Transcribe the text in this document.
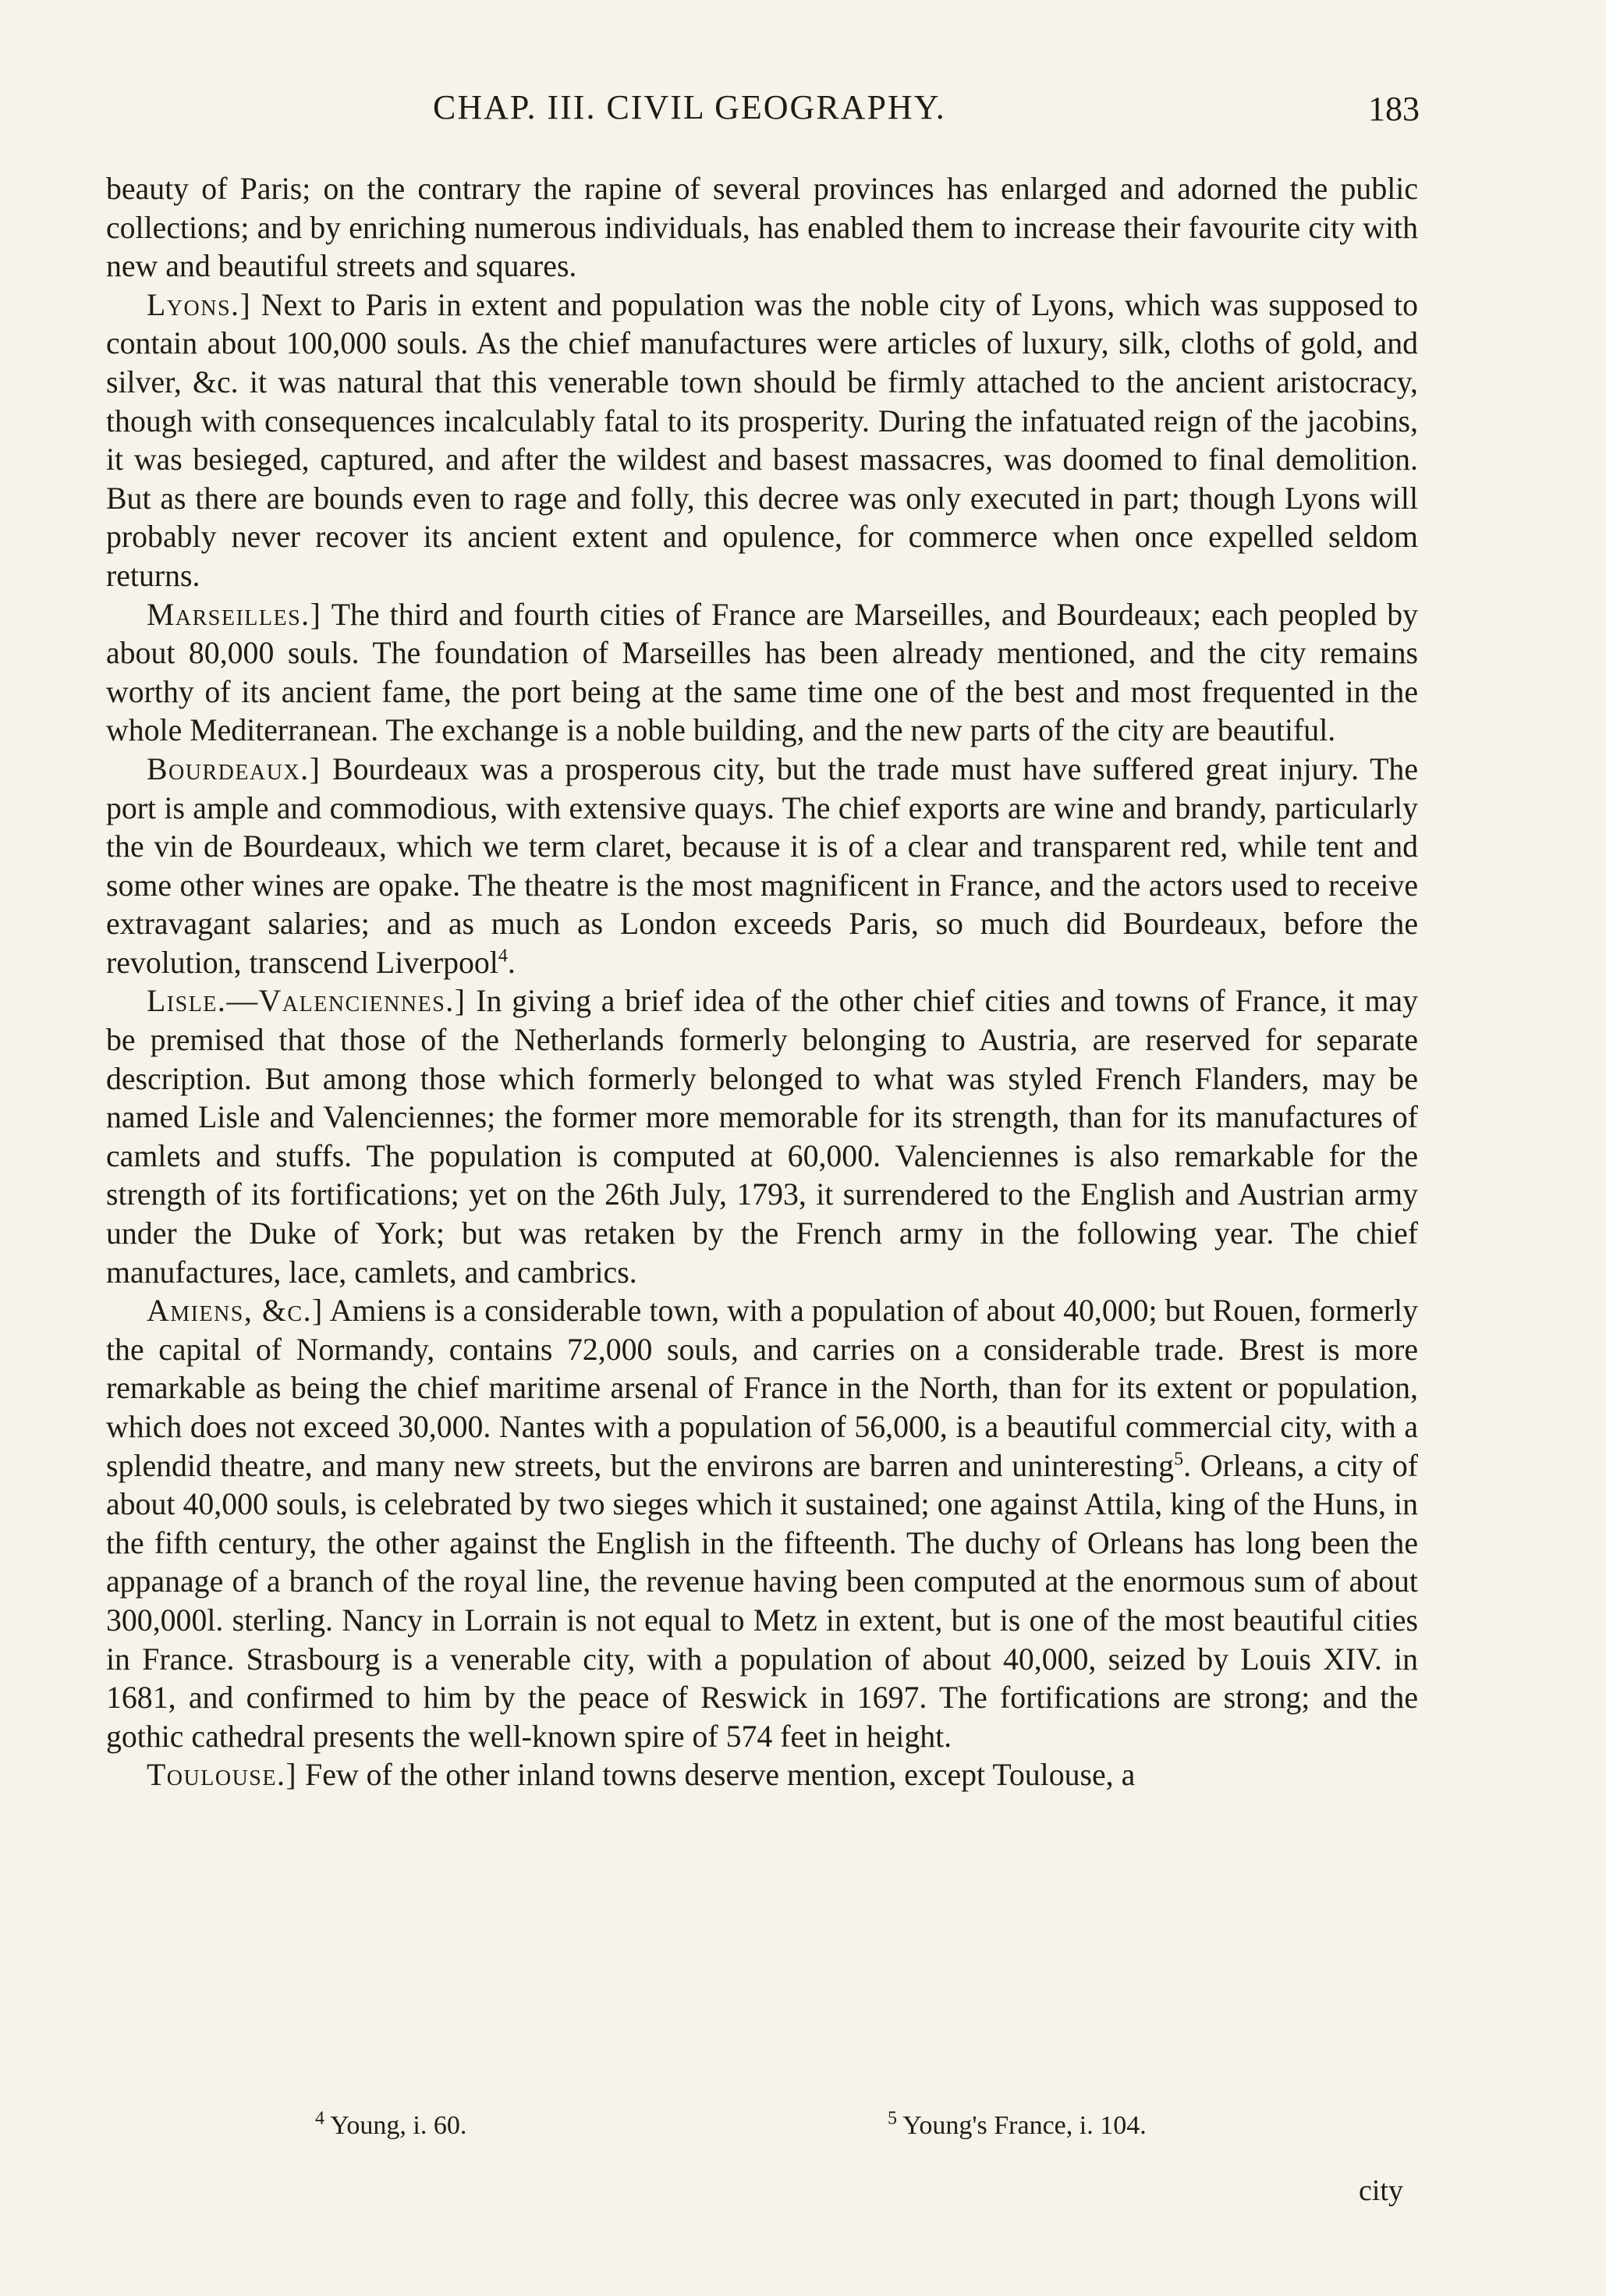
CHAP. III. CIVIL GEOGRAPHY.	183

beauty of Paris; on the contrary the rapine of several provinces has enlarged and adorned the public collections; and by enriching numerous individuals, has enabled them to increase their favourite city with new and beautiful streets and squares.

Lyons.] Next to Paris in extent and population was the noble city of Lyons, which was supposed to contain about 100,000 souls. As the chief manufactures were articles of luxury, silk, cloths of gold, and silver, &c. it was natural that this venerable town should be firmly attached to the ancient aristocracy, though with consequences incalculably fatal to its prosperity. During the infatuated reign of the jacobins, it was besieged, captured, and after the wildest and basest massacres, was doomed to final demolition. But as there are bounds even to rage and folly, this decree was only executed in part; though Lyons will probably never recover its ancient extent and opulence, for commerce when once expelled seldom returns.

Marseilles.] The third and fourth cities of France are Marseilles, and Bourdeaux; each peopled by about 80,000 souls. The foundation of Marseilles has been already mentioned, and the city remains worthy of its ancient fame, the port being at the same time one of the best and most frequented in the whole Mediterranean. The exchange is a noble building, and the new parts of the city are beautiful.

Bourdeaux.] Bourdeaux was a prosperous city, but the trade must have suffered great injury. The port is ample and commodious, with extensive quays. The chief exports are wine and brandy, particularly the vin de Bourdeaux, which we term claret, because it is of a clear and transparent red, while tent and some other wines are opake. The theatre is the most magnificent in France, and the actors used to receive extravagant salaries; and as much as London exceeds Paris, so much did Bourdeaux, before the revolution, transcend Liverpool$^4$.

Lisle.—Valenciennes.] In giving a brief idea of the other chief cities and towns of France, it may be premised that those of the Netherlands formerly belonging to Austria, are reserved for separate description. But among those which formerly belonged to what was styled French Flanders, may be named Lisle and Valenciennes; the former more memorable for its strength, than for its manufactures of camlets and stuffs. The population is computed at 60,000. Valenciennes is also remarkable for the strength of its fortifications; yet on the 26th July, 1793, it surrendered to the English and Austrian army under the Duke of York; but was retaken by the French army in the following year. The chief manufactures, lace, camlets, and cambrics.

Amiens, &c.] Amiens is a considerable town, with a population of about 40,000; but Rouen, formerly the capital of Normandy, contains 72,000 souls, and carries on a considerable trade. Brest is more remarkable as being the chief maritime arsenal of France in the North, than for its extent or population, which does not exceed 30,000. Nantes with a population of 56,000, is a beautiful commercial city, with a splendid theatre, and many new streets, but the environs are barren and uninteresting$^5$. Orleans, a city of about 40,000 souls, is celebrated by two sieges which it sustained; one against Attila, king of the Huns, in the fifth century, the other against the English in the fifteenth. The duchy of Orleans has long been the appanage of a branch of the royal line, the revenue having been computed at the enormous sum of about 300,000l. sterling. Nancy in Lorrain is not equal to Metz in extent, but is one of the most beautiful cities in France. Strasbourg is a venerable city, with a population of about 40,000, seized by Louis XIV. in 1681, and confirmed to him by the peace of Reswick in 1697. The fortifications are strong; and the gothic cathedral presents the well-known spire of 574 feet in height.

Toulouse.] Few of the other inland towns deserve mention, except Toulouse, a

$^4$ Young, i. 60.	$^5$ Young's France, i. 104.
city
